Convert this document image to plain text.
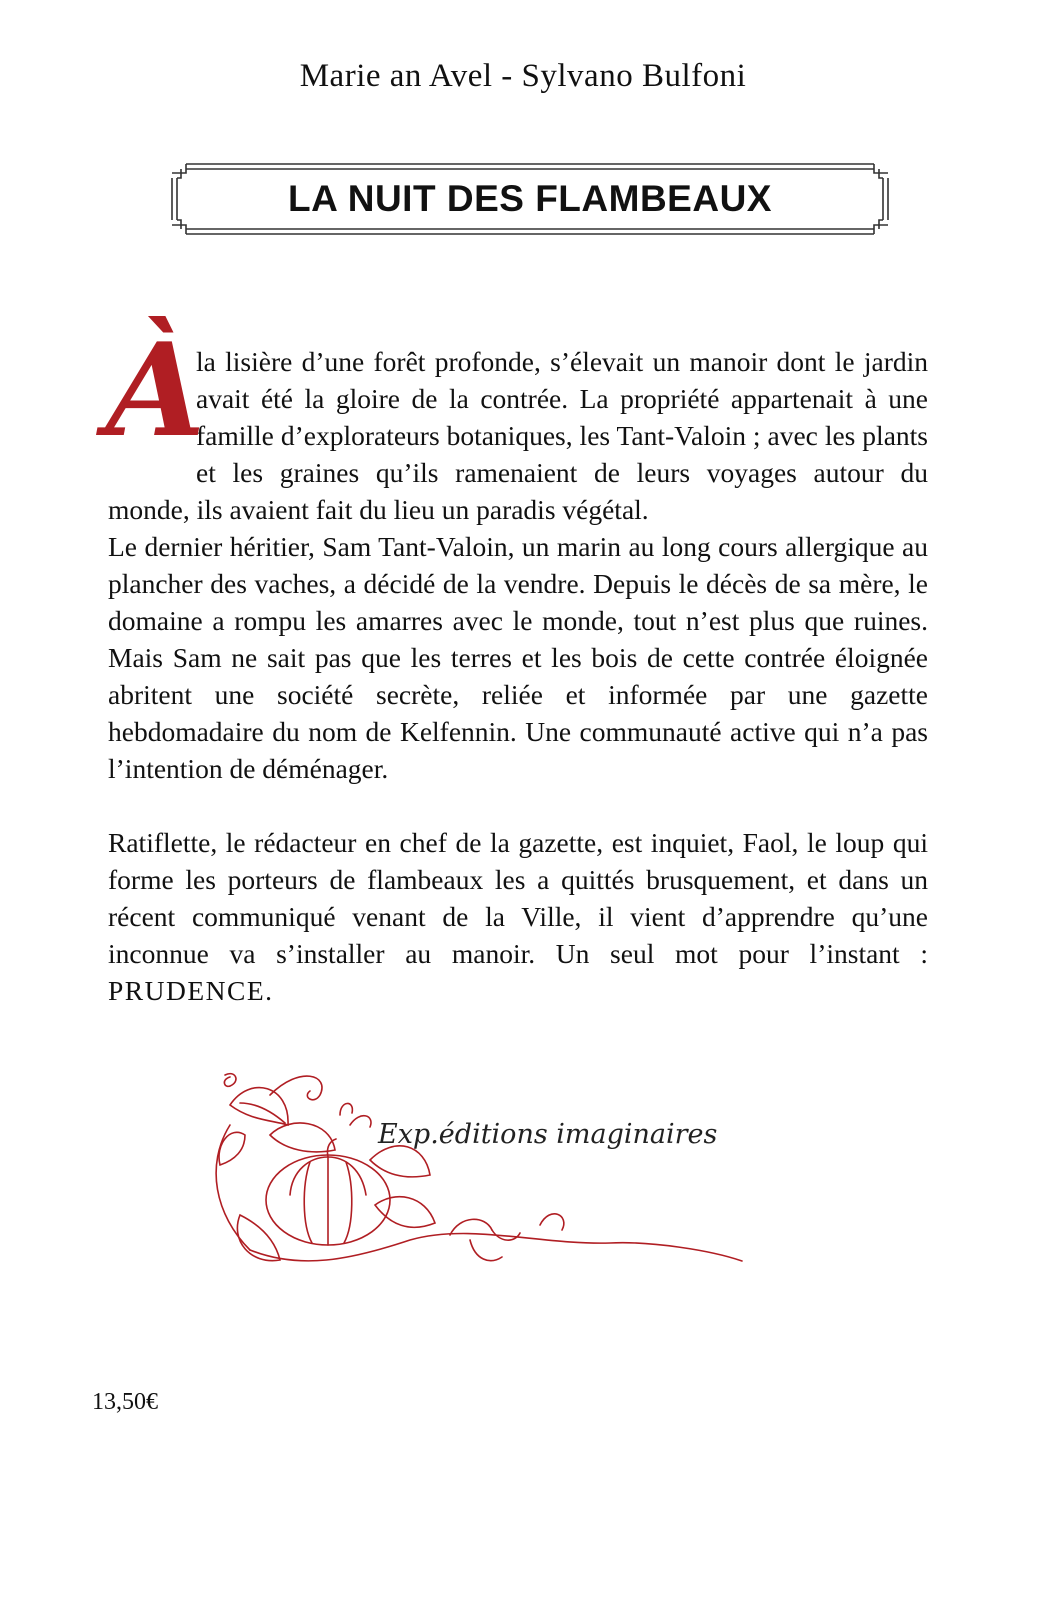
Marie an Avel - Sylvano Bulfoni
LA NUIT DES FLAMBEAUX

À
la lisière d’une forêt profonde, s’élevait un manoir dont le jardin avait été la gloire de la contrée. La propriété appartenait à une famille d’explorateurs botaniques, les Tant-Valoin ; avec les plants et les graines qu’ils ramenaient de leurs voyages autour du monde, ils avaient fait du lieu un paradis végétal.

Le dernier héritier, Sam Tant-Valoin, un marin au long cours allergique au plancher des vaches, a décidé de la vendre. Depuis le décès de sa mère, le domaine a rompu les amarres avec le monde, tout n’est plus que ruines. Mais Sam ne sait pas que les terres et les bois de cette contrée éloignée abritent une société secrète, reliée et informée par une gazette hebdomadaire du nom de Kelfennin. Une communauté active qui n’a pas l’intention de déménager.

Ratiflette, le rédacteur en chef de la gazette, est inquiet, Faol, le loup qui forme les porteurs de flambeaux les a quittés brusquement, et dans un récent communiqué venant de la Ville, il vient d’apprendre qu’une inconnue va s’installer au manoir. Un seul mot pour l’instant : PRUDENCE.

Exp.éditions imaginaires
13,50€
